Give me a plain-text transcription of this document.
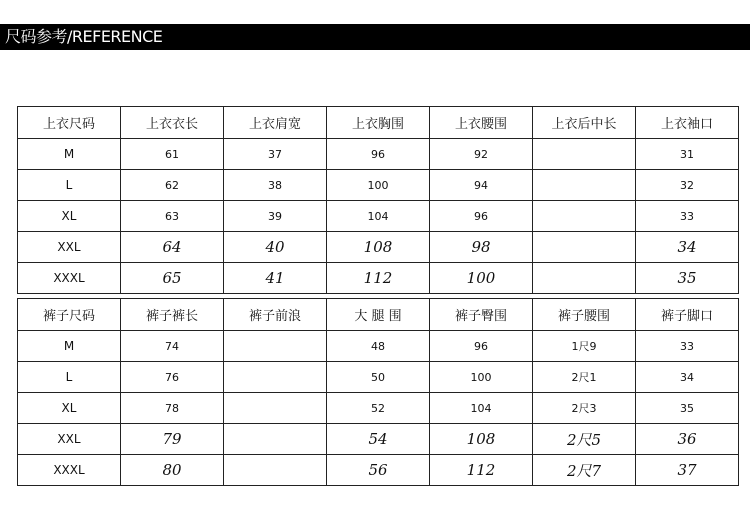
尺码参考/REFERENCE
上衣尺码	上衣衣长	上衣肩宽	上衣胸围	上衣腰围	上衣后中长	上衣袖口
M	61	37	96	92		31
L	62	38	100	94		32
XL	63	39	104	96		33
XXL	64	40	108	98		34
XXXL	65	41	112	100		35
裤子尺码	裤子裤长	裤子前浪	大 腿 围	裤子臀围	裤子腰围	裤子脚口
M	74		48	96	1尺9	33
L	76		50	100	2尺1	34
XL	78		52	104	2尺3	35
XXL	79		54	108	2尺5	36
XXXL	80		56	112	2尺7	37
